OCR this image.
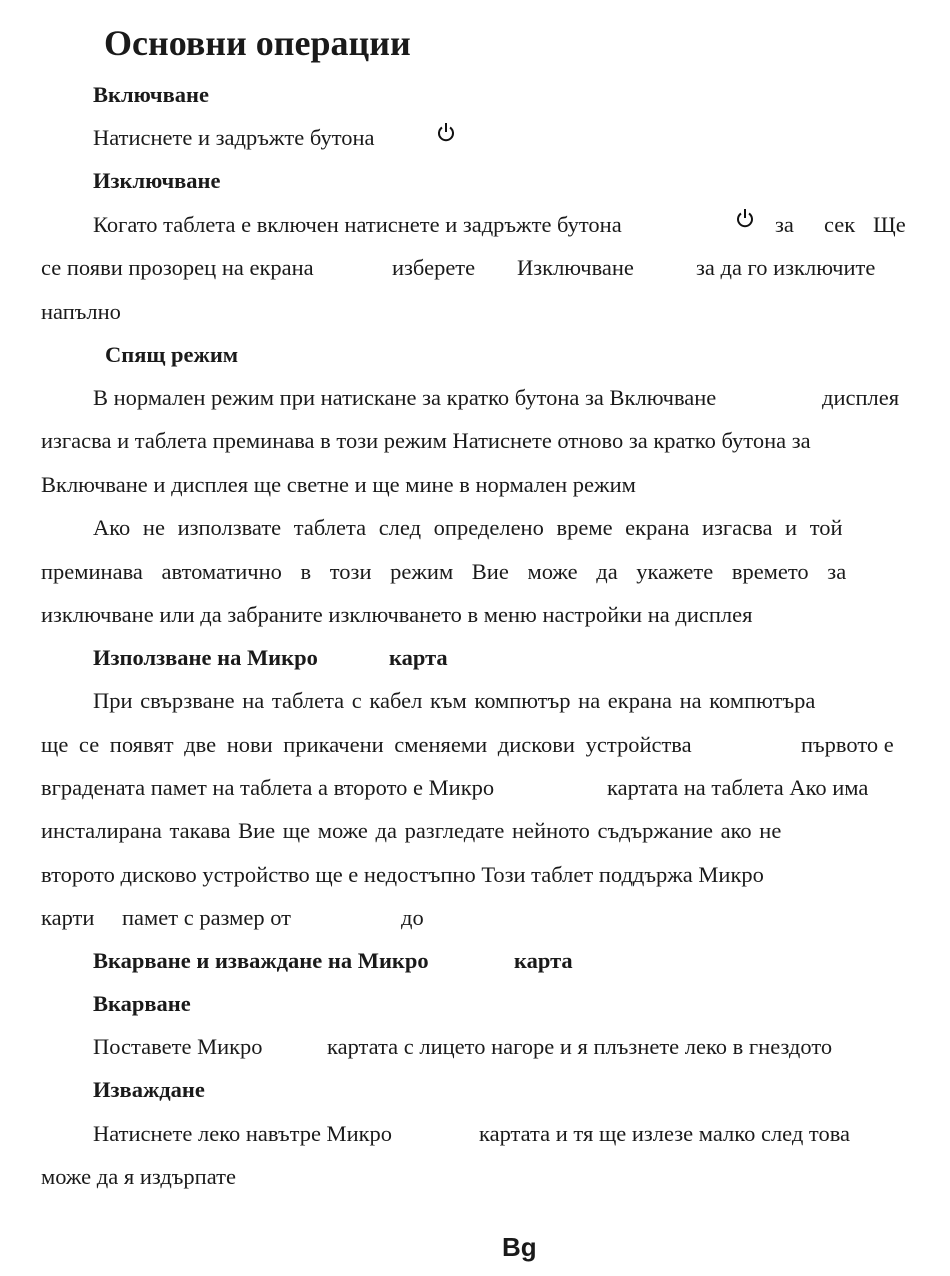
Основни операции
Включване
Натиснете и задръжте бутона
Изключване
Когато таблета е включен натиснете и задръжте бутона	за сек Ще
се появи прозорец на екрана	изберете Изключване	за да го изключите
напълно
Спящ режим
В нормален режим при натискане за кратко бутона за Включване	дисплея
изгасва и таблета преминава в този режим Натиснете отново за кратко бутона за
Включване и дисплея ще светне и ще мине в нормален режим
Ако не използвате таблета след определено време екрана изгасва и той
преминава автоматично в този режим Вие може да укажете времето за
изключване или да забраните изключването в меню настройки на дисплея
Използване на Микро	карта
При свързване на таблета с кабел към компютър на екрана на компютъра
ще се появят две нови прикачени сменяеми дискови устройства	първото е
вградената памет на таблета а второто е Микро	картата на таблета Ако има
инсталирана такава Вие ще може да разгледате нейното съдържание ако не
второто дисково устройство ще е недостъпно Този таблет поддържа Микро
карти памет с размер от	до
Вкарване и изваждане на Микро	карта
Вкарване
Поставете Микро	картата с лицето нагоре и я плъзнете леко в гнездото
Изваждане
Натиснете леко навътре Микро	картата и тя ще излезе малко след това
може да я издърпате
Bg
